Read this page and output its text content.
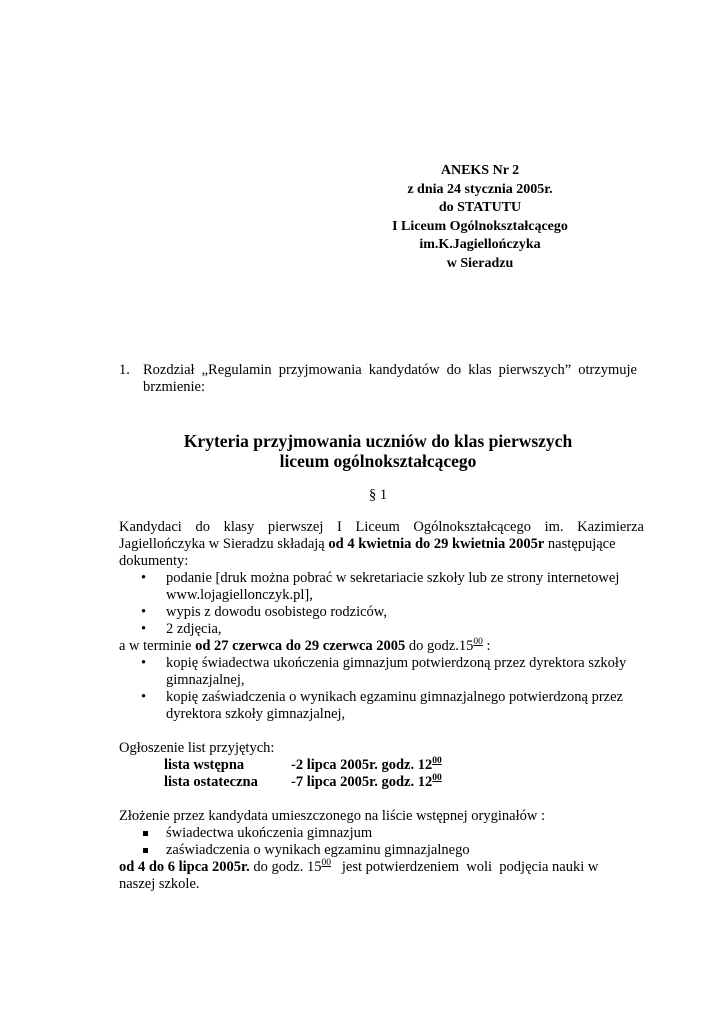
ANEKS Nr 2
z dnia 24 stycznia 2005r.
do STATUTU
I Liceum Ogólnokształcącego
im.K.Jagiellończyka
w Sieradzu
1. Rozdział „Regulamin przyjmowania kandydatów do klas pierwszych” otrzymuje
brzmienie:
Kryteria przyjmowania uczniów do klas pierwszych
liceum ogólnokształcącego
§ 1

Kandydaci do klasy pierwszej I Liceum Ogólnokształcącego im. Kazimierza

Jagiellończyka w Sieradzu składają od 4 kwietnia do 29 kwietnia 2005r następujące

dokumenty:

• podanie [druk można pobrać w sekretariacie szkoły lub ze strony internetowej
www.lojagiellonczyk.pl],
• wypis z dowodu osobistego rodziców,
• 2 zdjęcia,

a w terminie od 27 czerwca do 29 czerwca 2005 do $godz.15^{00}$ :

• kopię świadectwa ukończenia gimnazjum potwierdzoną przez dyrektora szkoły
gimnazjalnej,
• kopię zaświadczenia o wynikach egzaminu gimnazjalnego potwierdzoną przez
dyrektora szkoły gimnazjalnej,

Ogłoszenie list przyjętych:

lista wstępna	-2 lipca 2005r. godz. $12^{00}$
lista ostateczna -7 lipca 2005r. godz. $12^{00}$

Złożenie przez kandydata umieszczonego na liście wstępnej oryginałów :

świadectwa ukończenia gimnazjum
zaświadczenia o wynikach egzaminu gimnazjalnego

od 4 do 6 lipca 2005r. do godz. $15^{00}$   jest potwierdzeniem  woli  podjęcia nauki w

naszej szkole.
